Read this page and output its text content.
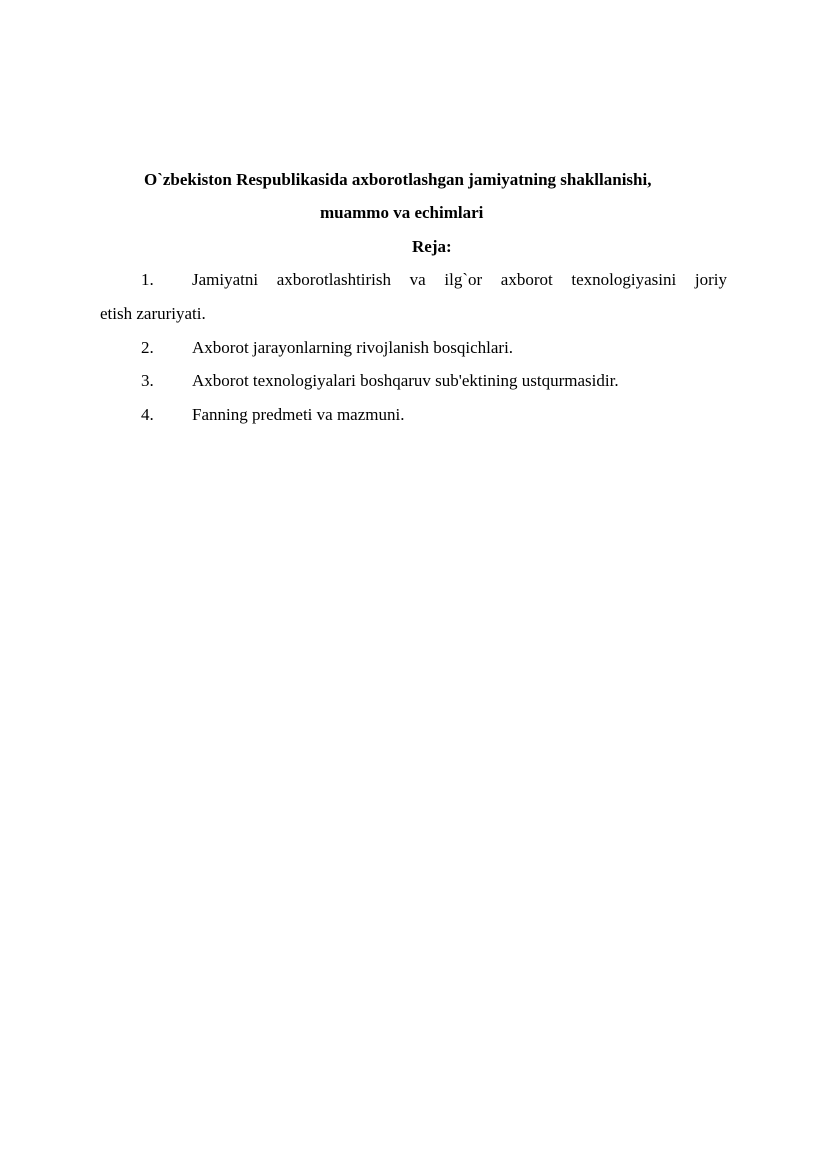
O`zbekiston Respublikasida axborotlashgan jamiyatning shakllanishi,
muammo va echimlari
Reja:
1.	Jamiyatni axborotlashtirish va ilg`or axborot texnologiyasini joriy
etish zaruriyati.
2.	Axborot jarayonlarning rivojlanish bosqichlari.
3.	Axborot texnologiyalari boshqaruv sub'ektining ustqurmasidir.
4.	Fanning predmeti va mazmuni.
